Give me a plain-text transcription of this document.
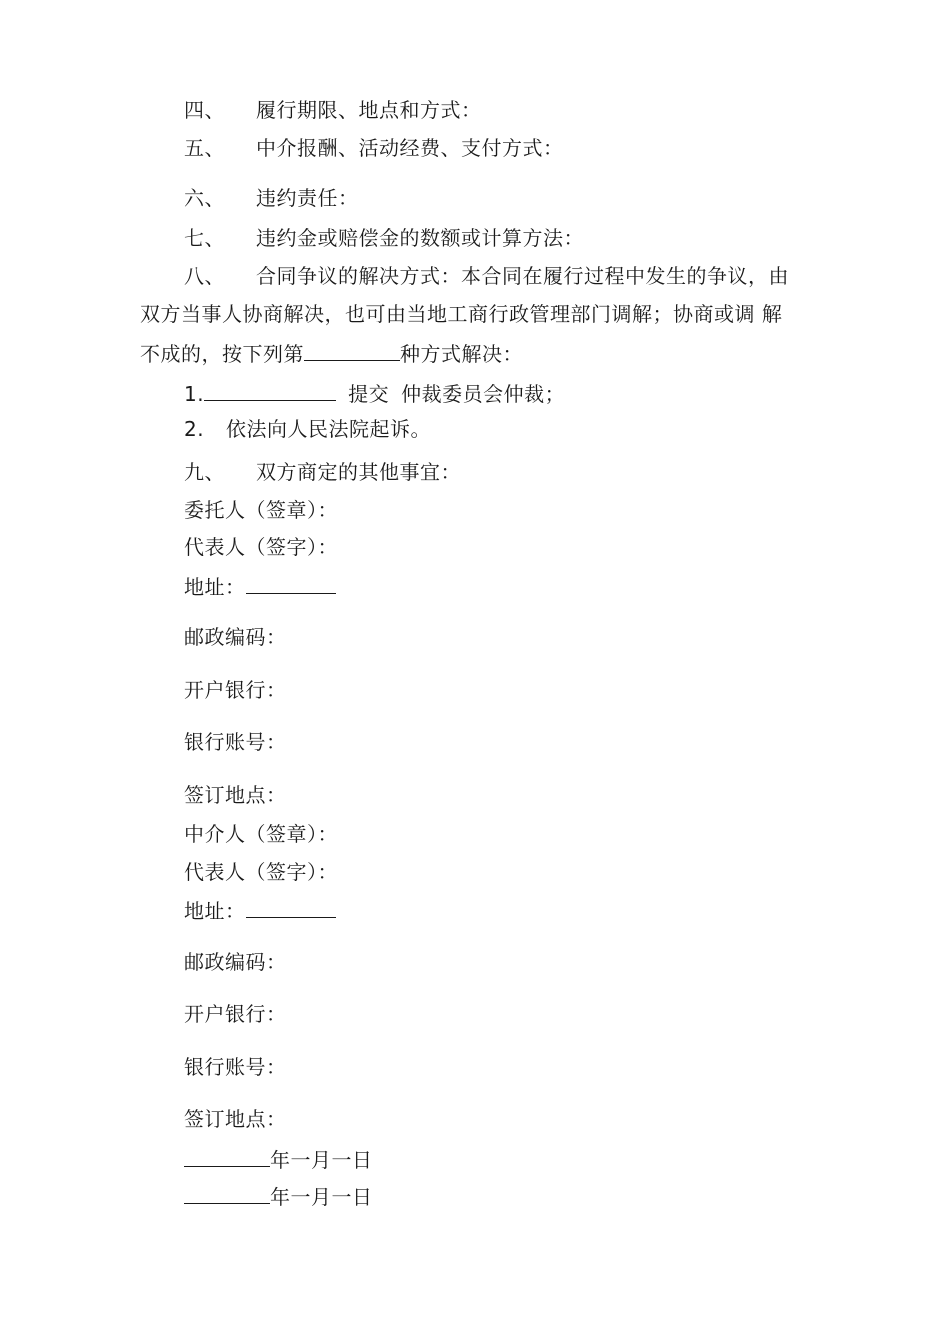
四、 履行期限、地点和方式：
五、 中介报酬、活动经费、支付方式：
六、 违约责任：
七、 违约金或赔偿金的数额或计算方法：
八、 合同争议的解决方式：本合同在履行过程中发生的争议，由
双方当事人协商解决，也可由当地工商行政管理部门调解；协商或调 解
不成的，按下列第	种方式解决：
1.	提交 仲裁委员会仲裁；
2. 依法向人民法院起诉。
九、 双方商定的其他事宜：
委托人（签章）：
代表人（签字）：
地址：
邮政编码：
开户银行：
银行账号：
签订地点：
中介人（签章）：
代表人（签字）：
地址：
邮政编码：
开户银行：
银行账号：
签订地点：
年一月一日
年一月一日
